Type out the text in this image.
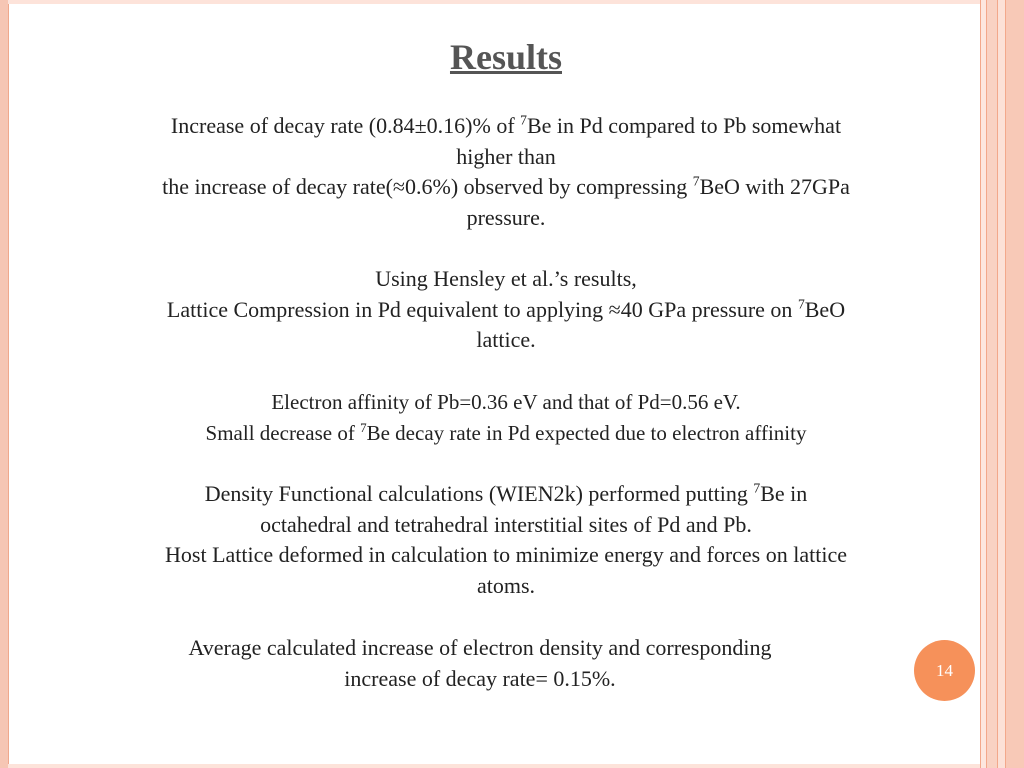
Results
Increase of decay rate (0.84±0.16)% of $^7$Be in Pd compared to Pb somewhat
higher than
the increase of decay rate(≈0.6%) observed by compressing $^7$BeO with 27GPa
pressure.
Using Hensley et al.’s results,
Lattice Compression in Pd equivalent to applying ≈40 GPa pressure on $^7$BeO
lattice.
Electron affinity of Pb=0.36 eV and that of Pd=0.56 eV.
Small decrease of $^7$Be decay rate in Pd expected due to electron affinity
Density Functional calculations (WIEN2k) performed putting $^7$Be in
octahedral and tetrahedral interstitial sites of Pd and Pb.
Host Lattice deformed in calculation to minimize energy and forces on lattice
atoms.
Average calculated increase of electron density and corresponding
increase of decay rate= 0.15%.	14
